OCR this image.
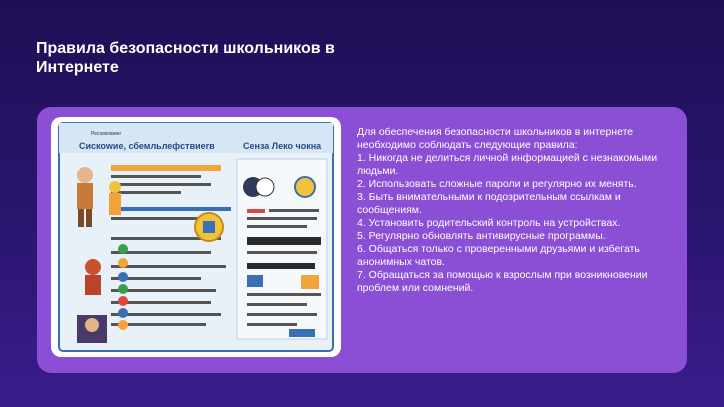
Правила безопасности школьников в Интернете
Ресомоовинг
Сискоwие, сбемльлефствиеrв	Сенза Леко чокна

Для обеспечения безопасности школьников в интернете необходимо соблюдать следующие правила:

1. Никогда не делиться личной информацией с незнакомыми людьми.
2. Использовать сложные пароли и регулярно их менять.
3. Быть внимательными к подозрительным ссылкам и сообщениям.
4. Установить родительский контроль на устройствах.
5. Регулярно обновлять антивирусные программы.
6. Общаться только с проверенными друзьями и избегать анонимных чатов.
7. Обращаться за помощью к взрослым при возникновении проблем или сомнений.
